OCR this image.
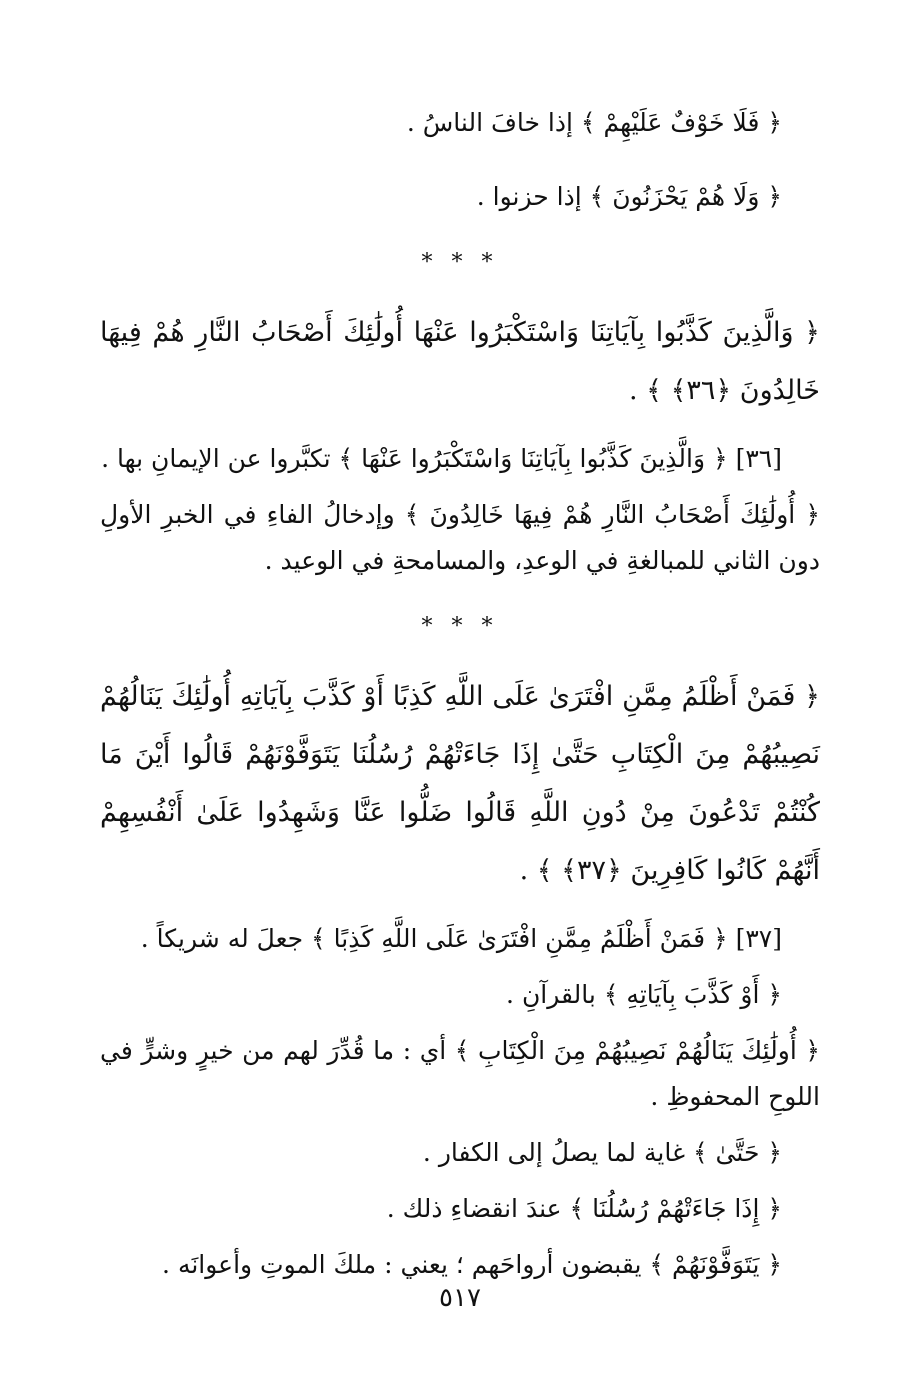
﴿ فَلَا خَوْفٌ عَلَيْهِمْ ﴾ إذا خافَ الناسُ .
﴿ وَلَا هُمْ يَحْزَنُونَ ﴾ إذا حزنوا .
* * *
﴿ وَالَّذِينَ كَذَّبُوا بِآيَاتِنَا وَاسْتَكْبَرُوا عَنْهَا أُولَٰئِكَ أَصْحَابُ النَّارِ هُمْ فِيهَا خَالِدُونَ ﴿٣٦﴾ ﴾ .
[٣٦] ﴿ وَالَّذِينَ كَذَّبُوا بِآيَاتِنَا وَاسْتَكْبَرُوا عَنْهَا ﴾ تكبَّروا عن الإيمانِ بها .
﴿ أُولَٰئِكَ أَصْحَابُ النَّارِ هُمْ فِيهَا خَالِدُونَ ﴾ وإدخالُ الفاءِ في الخبرِ الأولِ دون الثاني للمبالغةِ في الوعدِ، والمسامحةِ في الوعيد .
* * *
﴿ فَمَنْ أَظْلَمُ مِمَّنِ افْتَرَىٰ عَلَى اللَّهِ كَذِبًا أَوْ كَذَّبَ بِآيَاتِهِ أُولَٰئِكَ يَنَالُهُمْ نَصِيبُهُمْ مِنَ الْكِتَابِ حَتَّىٰ إِذَا جَاءَتْهُمْ رُسُلُنَا يَتَوَفَّوْنَهُمْ قَالُوا أَيْنَ مَا كُنْتُمْ تَدْعُونَ مِنْ دُونِ اللَّهِ قَالُوا ضَلُّوا عَنَّا وَشَهِدُوا عَلَىٰ أَنْفُسِهِمْ أَنَّهُمْ كَانُوا كَافِرِينَ ﴿٣٧﴾ ﴾ .
[٣٧] ﴿ فَمَنْ أَظْلَمُ مِمَّنِ افْتَرَىٰ عَلَى اللَّهِ كَذِبًا ﴾ جعلَ له شريكاً .
﴿ أَوْ كَذَّبَ بِآيَاتِهِ ﴾ بالقرآنِ .
﴿ أُولَٰئِكَ يَنَالُهُمْ نَصِيبُهُمْ مِنَ الْكِتَابِ ﴾ أي : ما قُدِّرَ لهم من خيرٍ وشرٍّ في اللوحِ المحفوظِ .
﴿ حَتَّىٰ ﴾ غاية لما يصلُ إلى الكفار .
﴿ إِذَا جَاءَتْهُمْ رُسُلُنَا ﴾ عندَ انقضاءِ ذلك .
﴿ يَتَوَفَّوْنَهُمْ ﴾ يقبضون أرواحَهم ؛ يعني : ملكَ الموتِ وأعوانَه .
٥١٧
